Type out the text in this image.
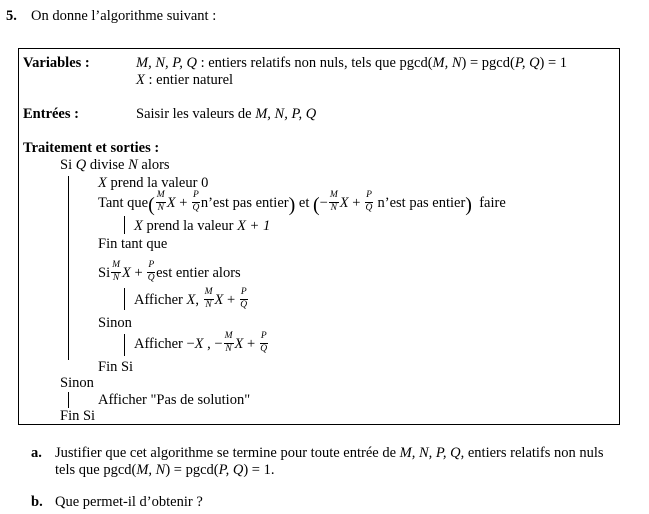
5. On donne l’algorithme suivant :
Variables :	M, N, P, Q : entiers relatifs non nuls, tels que pgcd(M, N) = pgcd(P, Q) = 1
X : entier naturel
Entrées :	Saisir les valeurs de M, N, P, Q
Traitement et sorties :
Si Q divise N alors
X prend la valeur 0
Tant que ( $\frac{M}{N}$ $X + \frac{P}{Q}$ n’est pas entier )
et
( − $\frac{M}{N}$ $X + \frac{P}{Q}$
n’est pas entier )
faire
X prend la valeur X + 1
Fin tant que
Si $\frac{M}{N}$ $X + \frac{P}{Q}$ est entier alors
Afficher
X , $\frac{M}{N}$ $X + \frac{P}{Q}$
Sinon
Afficher − X , − $\frac{M}{N}$ $X + \frac{P}{Q}$
Fin Si
Sinon
Afficher "Pas de solution"
Fin Si
a. Justifier que cet algorithme se termine pour toute entrée de M, N, P, Q, entiers relatifs non nuls
tels que pgcd(M, N) = pgcd(P, Q) = 1.
b. Que permet-il d’obtenir ?
